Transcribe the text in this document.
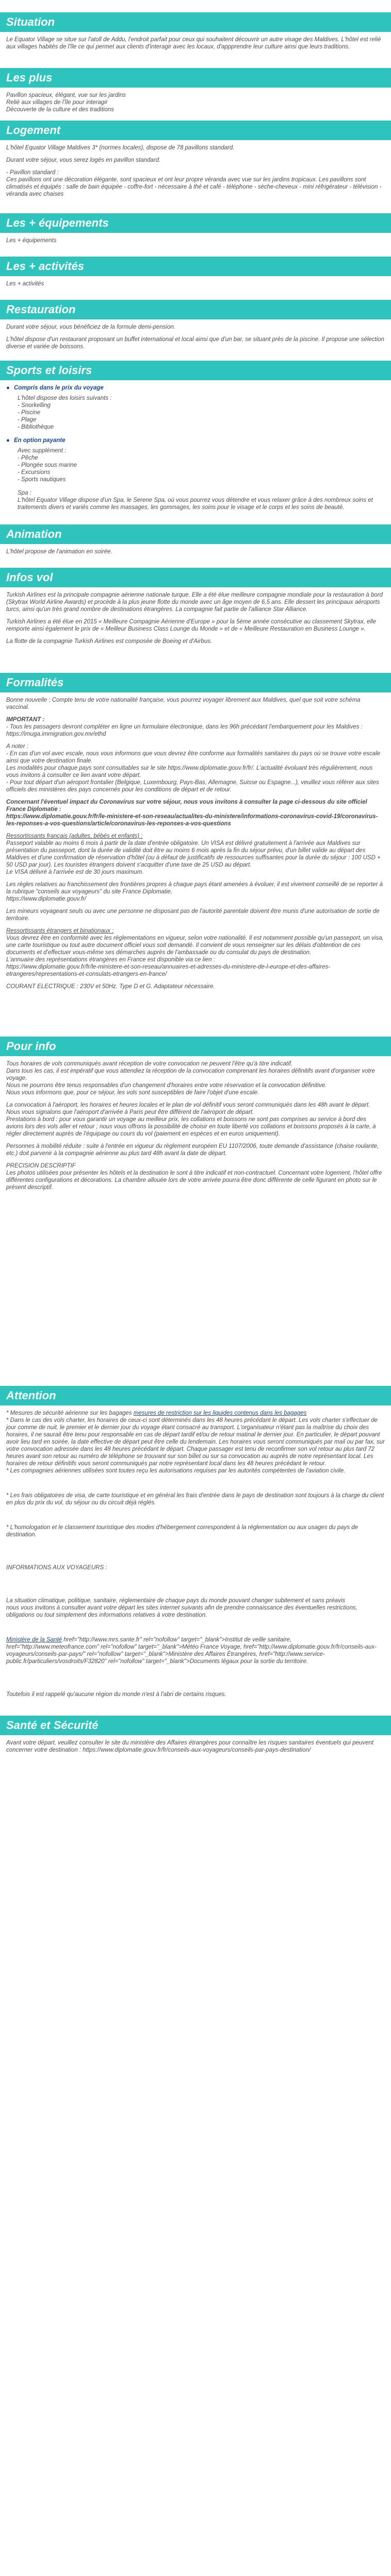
Situation

Le Equator Village se situe sur l'atoll de Addu, l'endroit parfait pour ceux qui souhaitent découvrir un autre visage des Maldives. L'hôtel est relié aux villages habités de l'île ce qui permet aux clients d'interagir avec les locaux, d'appprendre leur culture ainsi que leurs traditions.

Les plus
Pavillon spacieux, élégant, vue sur les jardins
Relié aux villages de l'île pour interagir
Découverte de la culture et des traditions
Logement

L'hôtel Equator Village Maldives 3* (normes locales), dispose de 78 pavillons standard.

Durant votre séjour, vous serez logés en pavillon standard.

- Pavillon standard :
Ces pavillons ont une décoration élégante, sont spacieux et ont leur propre véranda avec vue sur les jardins tropicaux. Les pavillons sont climatisés et équipés : salle de bain équipée - coffre-fort - nécessaire à thé et café - téléphone - sèche-cheveux - mini réfrigérateur - télévision - véranda avec chaises

Les + équipements

Les + équipements

Les + activités

Les + activités

Restauration

Durant votre séjour, vous bénéficiez de la formule demi-pension.

L'hôtel dispose d'un restaurant proposant un buffet international et local ainsi que d'un bar, se situant près de la piscine. Il propose une sélection diverse et variée de boissons.

Sports et loisirs
● Compris dans le prix du voyage
L'hôtel dispose des loisirs suivants :
- Snorkelling
- Piscine
- Plage
- Bibliothèque
● En option payante
Avec supplément :
- Pêche
- Plongée sous marine
- Excursions
- Sports nautiques
Spa :
L'hôtel Equator Village dispose d'un Spa, le Serene Spa, où vous pourrez vous détendre et vous relaxer grâce à des nombreux soins et traitements divers et variés comme les massages, les gommages, les soins pour le visage et le corps et les soins de beauté.
Animation

L'hôtel propose de l'animation en soirée.

Infos vol

Turkish Airlines est la principale compagnie aérienne nationale turque. Elle a été élue meilleure compagnie mondiale pour la restauration à bord (Skytrax World Airline Awards) et procède à la plus jeune flotte du monde avec un âge moyen de 6,5 ans. Elle dessert les principaux aéroports turcs, ainsi qu'un très grand nombre de destinations étrangères. La compagnie fait partie de l'alliance Star Alliance.

Turkish Airlines a été élue en 2015 « Meilleure Compagnie Aérienne d'Europe » pour la 5ème année consécutive au classement Skytrax, elle remporte ainsi également le prix de « Meilleur Business Class Lounge du Monde » et de « Meilleure Restauration en Business Lounge ».

La flotte de la compagnie Turkish Airlines est composée de Boeing et d'Airbus.

Formalités

Bonne nouvelle : Compte tenu de votre nationalité française, vous pourrez voyager librement aux Maldives, quel que soit votre schéma vaccinal.

IMPORTANT :

- Tous les passagers devront compléter en ligne un formulaire électronique, dans les 96h précédant l'embarquement pour les Maldives : https://imuga.immigration.gov.mv/ethd

A noter :

- En cas d'un vol avec escale, nous vous informons que vous devrez être conforme aux formalités sanitaires du pays où se trouve votre escale ainsi que votre destination finale.
Les modalités pour chaque pays sont consultables sur le site https://www.diplomatie.gouv.fr/fr/. L'actualité évoluant très régulièrement, nous vous invitons à consulter ce lien avant votre départ.
- Pour tout départ d'un aéroport frontalier (Belgique, Luxembourg, Pays-Bas, Allemagne, Suisse ou Espagne...), veuillez vous référer aux sites officiels des ministères des pays concernés pour les conditions de départ et de retour.

Concernant l'éventuel impact du Coronavirus sur votre séjour, nous vous invitons à consulter la page ci-dessous du site officiel France Diplomatie :

https://www.diplomatie.gouv.fr/fr/le-ministere-et-son-reseau/actualites-du-ministere/informations-coronavirus-covid-19/coronavirus-les-reponses-a-vos-questions/article/coronavirus-les-reponses-a-vos-questions

Ressortissants français (adultes, bébés et enfants) :

Passeport valable au moins 6 mois à partir de la date d'entrée obligatoire. Un VISA est délivré gratuitement à l'arrivée aux Maldives sur présentation du passeport, dont la durée de validité doit être au moins 6 mois après la fin du séjour prévu, d'un billet valide au départ des Maldives et d'une confirmation de réservation d'hôtel (ou à défaut de justificatifs de ressources suffisantes pour la durée du séjour : 100 USD + 50 USD par jour). Les touristes étrangers doivent s'acquitter d'une taxe de 25 USD au départ.
Le VISA délivré à l'arrivée est de 30 jours maximum.

Les règles relatives au franchissement des frontières propres à chaque pays étant amenées à évoluer, il est vivement conseillé de se reporter à la rubrique "conseils aux voyageurs" du site France Diplomatie,
https://www.diplomatie.gouv.fr/

Les mineurs voyageant seuls ou avec une personne ne disposant pas de l'autorité parentale doivent être munis d'une autorisation de sortie de territoire.

Ressortissants étrangers et binationaux :

Vous devrez être en conformité avec les réglementations en vigueur, selon votre nationalité. Il est notamment possible qu'un passeport, un visa, une carte touristique ou tout autre document officiel vous soit demandé. Il convient de vous renseigner sur les délais d'obtention de ces documents et d'effectuer vous-même ses démarches auprès de l'ambassade ou du consulat du pays de destination.
L'annuaire des représentations étrangères en France est disponible via ce lien :
https://www.diplomatie.gouv.fr/fr/le-ministere-et-son-reseau/annuaires-et-adresses-du-ministere-de-l-europe-et-des-affaires-etrangeres/representations-et-consulats-etrangers-en-france/

COURANT ELECTRIQUE : 230V et 50Hz. Type D et G. Adaptateur nécessaire.

Pour info

Tous horaires de vols communiqués avant réception de votre convocation ne peuvent l'être qu'à titre indicatif.
Dans tous les cas, il est impératif que vous attendiez la réception de la convocation comprenant les horaires définitifs avant d'organiser votre voyage.
Nous ne pourrons être tenus responsables d'un changement d'horaires entre votre réservation et la convocation définitive.
Nous vous informons que, pour ce séjour, les vols sont susceptibles de faire l'objet d'une escale.

La convocation à l'aéroport, les horaires et heures locales et le plan de vol définitif vous seront communiqués dans les 48h avant le départ.
Nous vous signalons que l'aéroport d'arrivée à Paris peut être différent de l'aéroport de départ.
Prestations à bord : pour vous garantir un voyage au meilleur prix, les collations et boissons ne sont pas comprises au service à bord des avions lors des vols aller et retour ; nous vous offrons la possibilité de choisir en toute liberté vos collations et boissons proposés à la carte, à régler directement auprès de l'équipage ou cours du vol (paiement en espèces et en euros uniquement).

Personnes à mobilité réduite : suite à l'entrée en vigueur du règlement européen EU 1107/2006, toute demande d'assistance (chaise roulante, etc.) doit parvenir à la compagnie aérienne au plus tard 48h avant la date de départ.

PRECISION DESCRIPTIF
Les photos utilisées pour présenter les hôtels et la destination le sont à titre indicatif et non-contractuel. Concernant votre logement, l'hôtel offre différentes configurations et décorations. La chambre allouée lors de votre arrivée pourra être donc différente de celle figurant en photo sur le présent descriptif.

Attention

* Mesures de sécurité aérienne sur les bagages mesures de restriction sur les liquides contenus dans les bagages
* Dans le cas des vols charter, les horaires de ceux-ci sont déterminés dans les 48 heures précédant le départ. Les vols charter s'effectuer de jour comme de nuit, le premier et le dernier jour du voyage étant consacré au transport. L'organisateur n'étant pas la maîtrise du choix des horaires, il ne saurait être tenu pour responsable en cas de départ tardif et/ou de retour matinal le dernier jour. En particulier, le départ pouvant avoir lieu tard en soirée, la date effective de départ peut être celle du lendemain. Les horaires vous seront communiqués par mail ou par fax, sur votre convocation adressée dans les 48 heures précédant le départ. Chaque passager est tenu de reconfirmer son vol retour au plus tard 72 heures avant son retour au numéro de téléphone se trouvant sur son billet ou sur sa convocation au auprès de notre représentant local. Les horaires de retour définitifs vous seront communiqués par notre représentant local dans les 48 heures précédant le retour.
* Les compagnies aériennes utilisées sont toutes reçu les autorisations requises par les autorités compétentes de l'aviation civile.

* Les frais obligatoires de visa, de carte touristique et en général les frais d'entrée dans le pays de destination sont toujours à la charge du client en plus du prix du vol, du séjour ou du circuit déjà réglés.

* L'homologation et le classement touristique des modes d'hébergement correspondent à la réglementation ou aux usages du pays de destination.

INFORMATIONS AUX VOYAGEURS :

La situation climatique, politique, sanitaire, réglementaire de chaque pays du monde pouvant changer subitement et sans préavis
nous vous invitons à consulter avant votre départ les sites internet suivants afin de prendre connaissance des éventuelles restrictions, obligations ou tout simplement des informations relatives à votre destination.

Ministère de la Santé href="http://www.mrs.sante.fr" rel="nofollow" target="_blank">Institut de veille sanitaire, href="http://www.meteofrance.com" rel="nofollow" target="_blank">Météo France Voyage, href="http://www.diplomatie.gouv.fr/fr/conseils-aux-voyageurs/conseils-par-pays/" rel="nofollow" target="_blank">Ministère des Affaires Étrangères, href="http://www.service-public.fr/particuliers/vosdroits/F32820" rel="nofollow" target="_blank">Documents légaux pour la sortie du territoire.

Toutefois il est rappelé qu'aucune région du monde n'est à l'abri de certains risques.

Santé et Sécurité

Avant votre départ, veuillez consulter le site du ministère des Affaires étrangères pour connaître les risques sanitaires éventuels qui peuvent concerner votre destination : https://www.diplomatie.gouv.fr/fr/conseils-aux-voyageurs/conseils-par-pays-destination/
